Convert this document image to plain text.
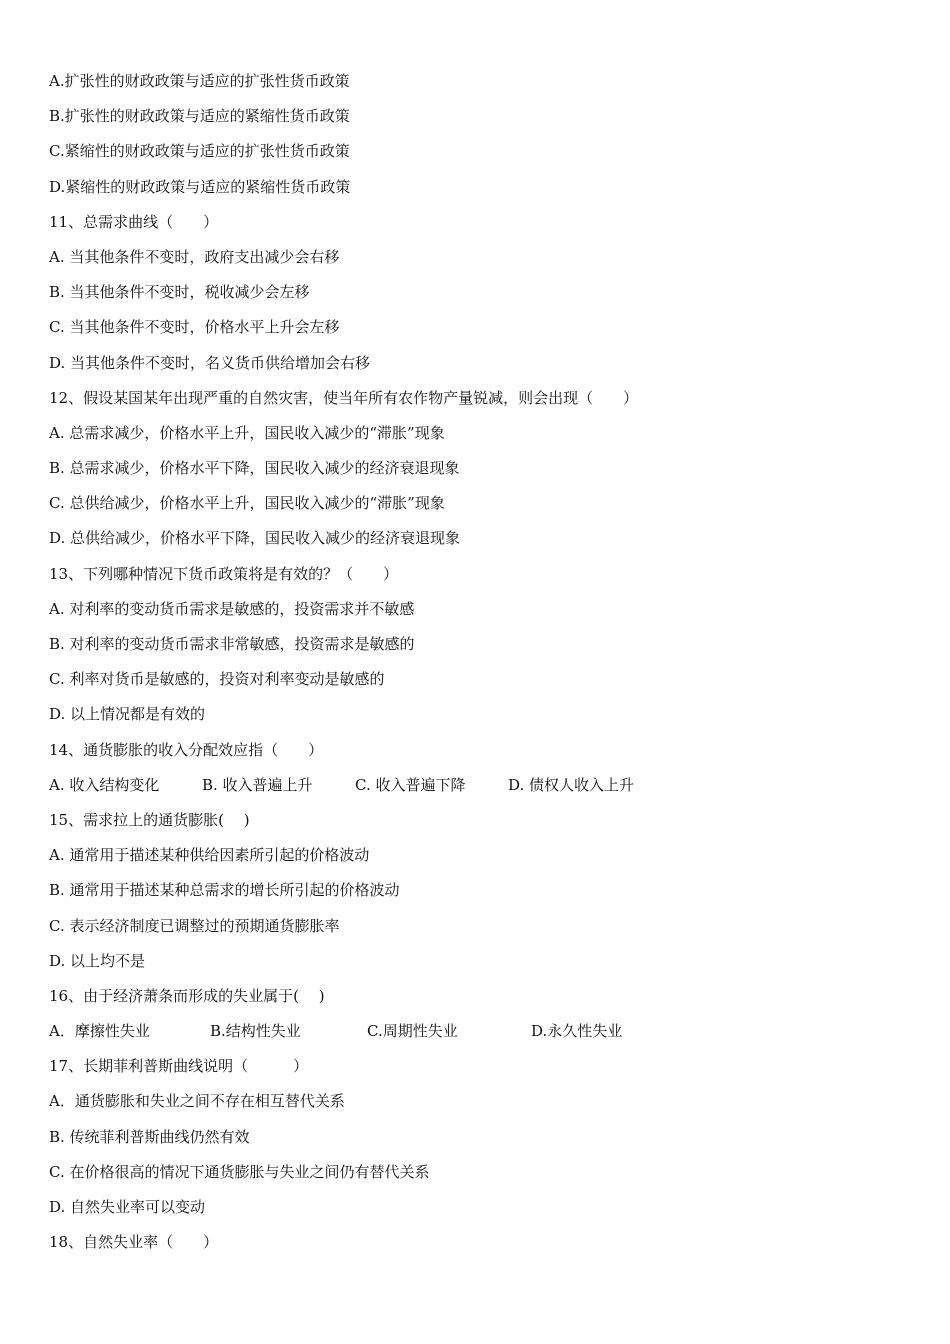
A.扩张性的财政政策与适应的扩张性货币政策
B.扩张性的财政政策与适应的紧缩性货币政策
C.紧缩性的财政政策与适应的扩张性货币政策
D.紧缩性的财政政策与适应的紧缩性货币政策
11、总需求曲线（　　）
A. 当其他条件不变时，政府支出减少会右移
B. 当其他条件不变时，税收减少会左移
C. 当其他条件不变时，价格水平上升会左移
D. 当其他条件不变时，名义货币供给增加会右移
12、假设某国某年出现严重的自然灾害，使当年所有农作物产量锐减，则会出现（　　）
A. 总需求减少，价格水平上升，国民收入减少的“滞胀”现象
B. 总需求减少，价格水平下降，国民收入减少的经济衰退现象
C. 总供给减少，价格水平上升，国民收入减少的“滞胀”现象
D. 总供给减少，价格水平下降，国民收入减少的经济衰退现象
13、下列哪种情况下货币政策将是有效的？（　　）
A. 对利率的变动货币需求是敏感的，投资需求并不敏感
B. 对利率的变动货币需求非常敏感，投资需求是敏感的
C. 利率对货币是敏感的，投资对利率变动是敏感的
D. 以上情况都是有效的
14、通货膨胀的收入分配效应指（　　）
A. 收入结构变化	B. 收入普遍上升	C. 收入普遍下降	D. 债权人收入上升
15、需求拉上的通货膨胀(　 )
A. 通常用于描述某种供给因素所引起的价格波动
B. 通常用于描述某种总需求的增长所引起的价格波动
C. 表示经济制度已调整过的预期通货膨胀率
D. 以上均不是
16、由于经济萧条而形成的失业属于(　 )
A．摩擦性失业	B.结构性失业	C.周期性失业	D.永久性失业
17、长期菲利普斯曲线说明（　　　）
A．通货膨胀和失业之间不存在相互替代关系
B. 传统菲利普斯曲线仍然有效
C. 在价格很高的情况下通货膨胀与失业之间仍有替代关系
D. 自然失业率可以变动
18、自然失业率（　　）
